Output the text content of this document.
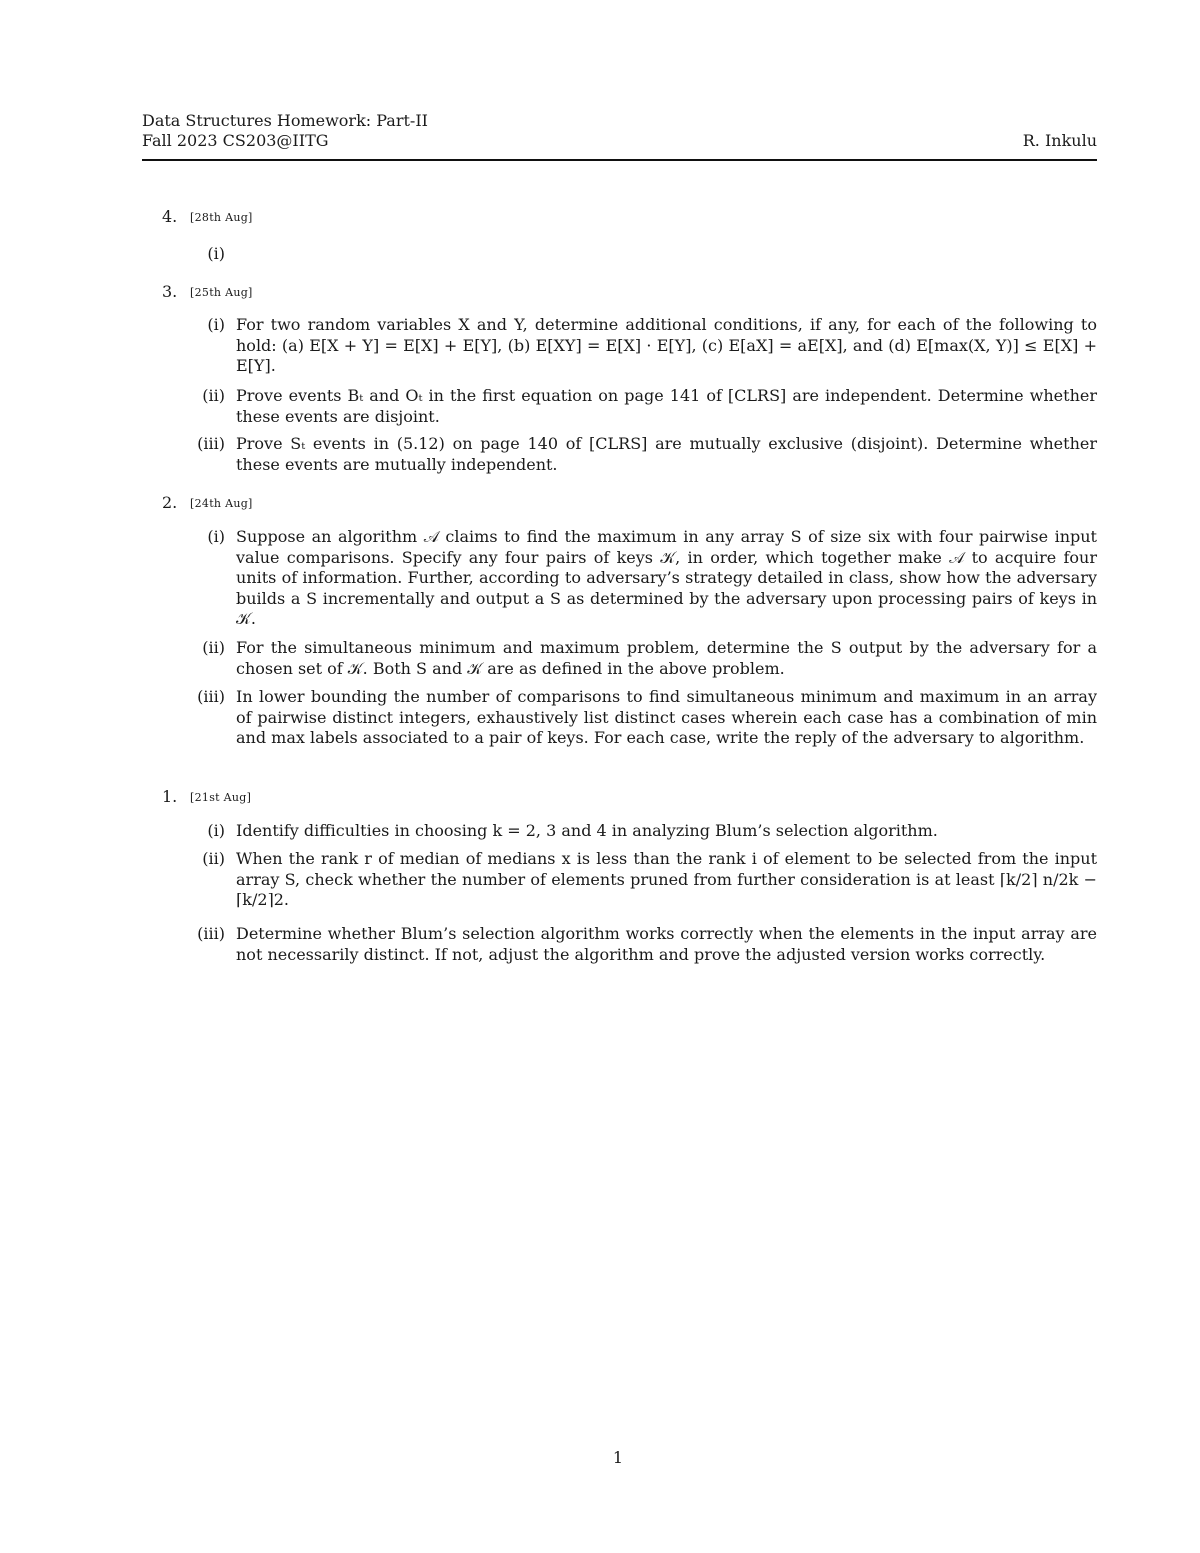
Data Structures Homework: Part-II
Fall 2023 CS203@IITG	R. Inkulu
4. [28th Aug]
(i)
3. [25th Aug]
(i) For two random variables X and Y, determine additional conditions, if any, for each of the following to hold: (a) E[X + Y] = E[X] + E[Y], (b) E[XY] = E[X] · E[Y], (c) E[aX] = aE[X], and (d) E[max(X, Y)] ≤ E[X] + E[Y].
(ii) Prove events Bₜ and Oₜ in the first equation on page 141 of [CLRS] are independent. Determine whether these events are disjoint.
(iii) Prove Sₜ events in (5.12) on page 140 of [CLRS] are mutually exclusive (disjoint). Determine whether these events are mutually independent.
2. [24th Aug]
(i) Suppose an algorithm 𝒜 claims to find the maximum in any array S of size six with four pairwise input value comparisons. Specify any four pairs of keys 𝒦, in order, which together make 𝒜 to acquire four units of information. Further, according to adversary’s strategy detailed in class, show how the adversary builds a S incrementally and output a S as determined by the adversary upon processing pairs of keys in 𝒦.
(ii) For the simultaneous minimum and maximum problem, determine the S output by the adversary for a chosen set of 𝒦. Both S and 𝒦 are as defined in the above problem.
(iii) In lower bounding the number of comparisons to find simultaneous minimum and maximum in an array of pairwise distinct integers, exhaustively list distinct cases wherein each case has a combination of min and max labels associated to a pair of keys. For each case, write the reply of the adversary to algorithm.
1. [21st Aug]
(i) Identify difficulties in choosing k = 2, 3 and 4 in analyzing Blum’s selection algorithm.
(ii) When the rank r of median of medians x is less than the rank i of element to be selected from the input array S, check whether the number of elements pruned from further consideration is at least ⌈k/2⌉ n/2k − ⌈k/2⌉2.
(iii) Determine whether Blum’s selection algorithm works correctly when the elements in the input array are not necessarily distinct. If not, adjust the algorithm and prove the adjusted version works correctly.
1
